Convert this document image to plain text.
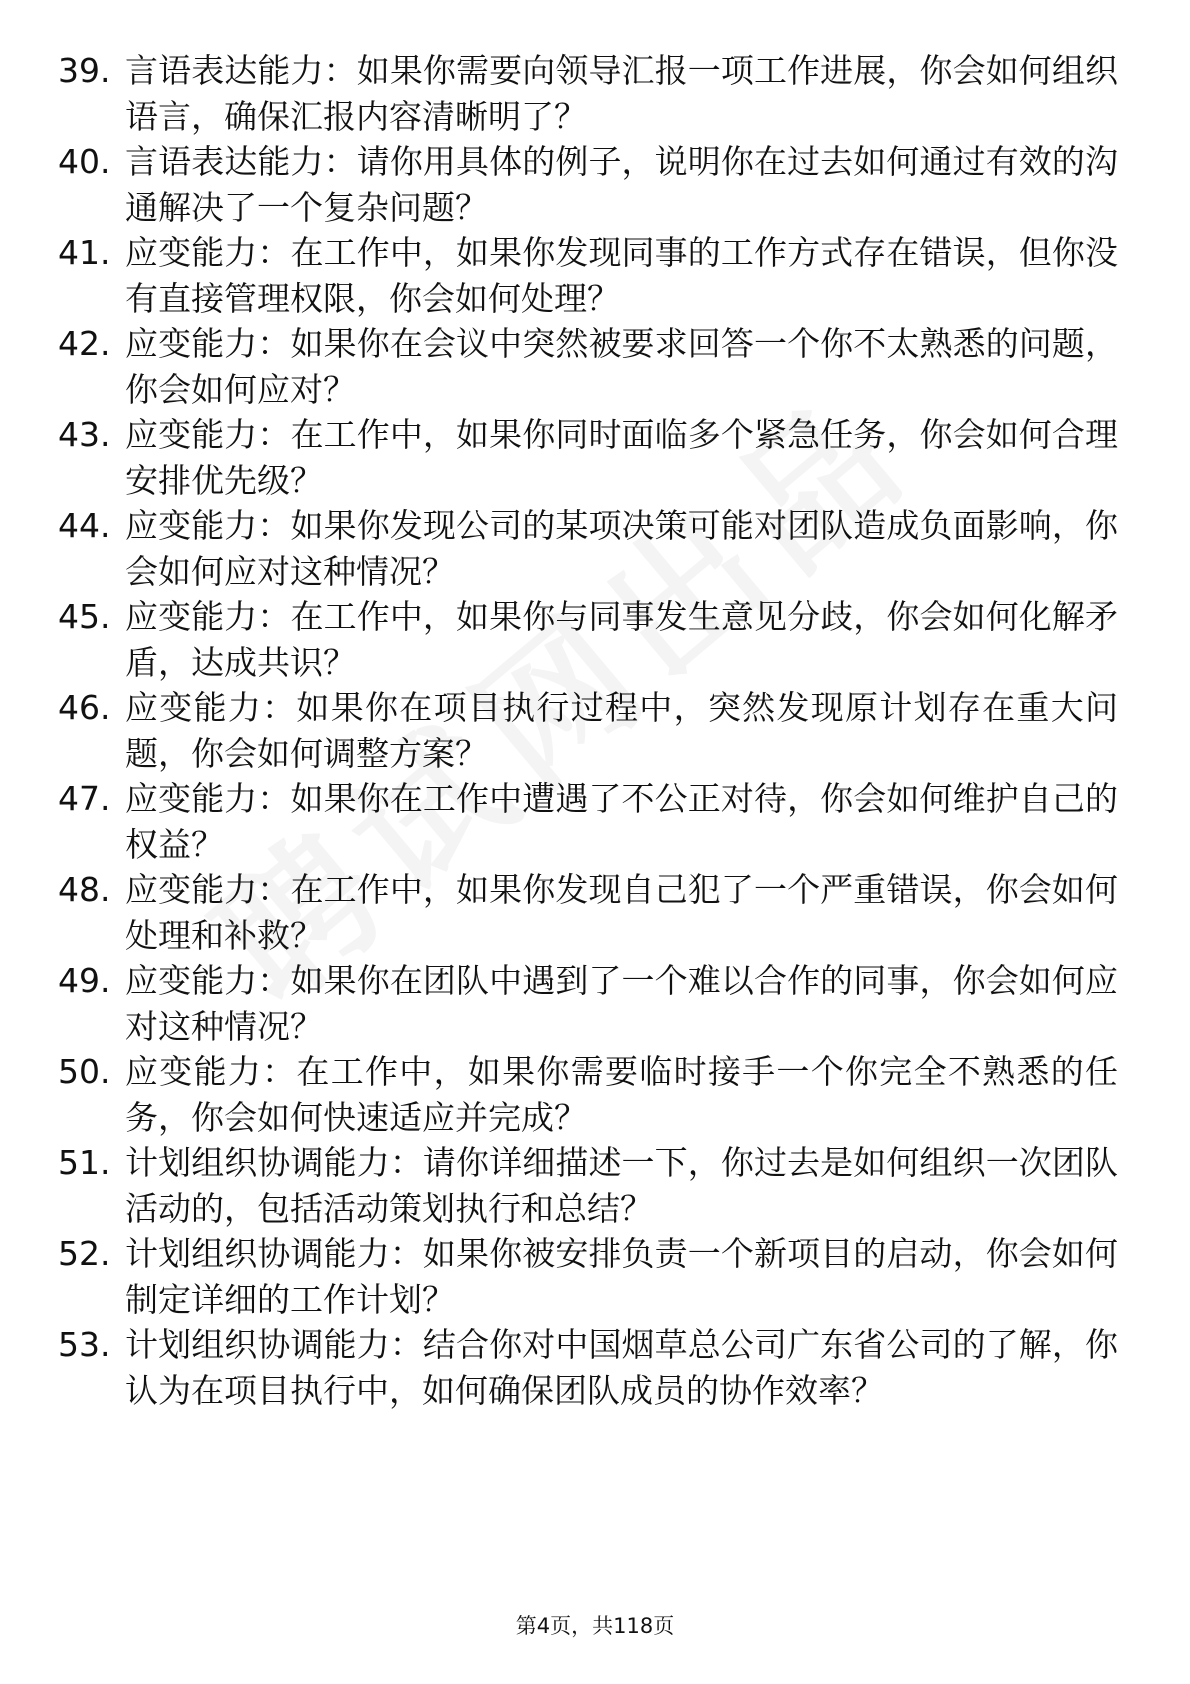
39. 言语表达能力：如果你需要向领导汇报一项工作进展，你会如何组织语言，确保汇报内容清晰明了？
40. 言语表达能力：请你用具体的例子，说明你在过去如何通过有效的沟通解决了一个复杂问题？
41. 应变能力：在工作中，如果你发现同事的工作方式存在错误，但你没有直接管理权限，你会如何处理？
42. 应变能力：如果你在会议中突然被要求回答一个你不太熟悉的问题，你会如何应对？
43. 应变能力：在工作中，如果你同时面临多个紧急任务，你会如何合理安排优先级？
44. 应变能力：如果你发现公司的某项决策可能对团队造成负面影响，你会如何应对这种情况？
45. 应变能力：在工作中，如果你与同事发生意见分歧，你会如何化解矛盾，达成共识？
46. 应变能力：如果你在项目执行过程中，突然发现原计划存在重大问题，你会如何调整方案？
47. 应变能力：如果你在工作中遭遇了不公正对待，你会如何维护自己的权益？
48. 应变能力：在工作中，如果你发现自己犯了一个严重错误，你会如何处理和补救？
49. 应变能力：如果你在团队中遇到了一个难以合作的同事，你会如何应对这种情况？
50. 应变能力：在工作中，如果你需要临时接手一个你完全不熟悉的任务，你会如何快速适应并完成？
51. 计划组织协调能力：请你详细描述一下，你过去是如何组织一次团队活动的，包括活动策划执行和总结？
52. 计划组织协调能力：如果你被安排负责一个新项目的启动，你会如何制定详细的工作计划？
53. 计划组织协调能力：结合你对中国烟草总公司广东省公司的了解，你认为在项目执行中，如何确保团队成员的协作效率？
第4页，共118页
